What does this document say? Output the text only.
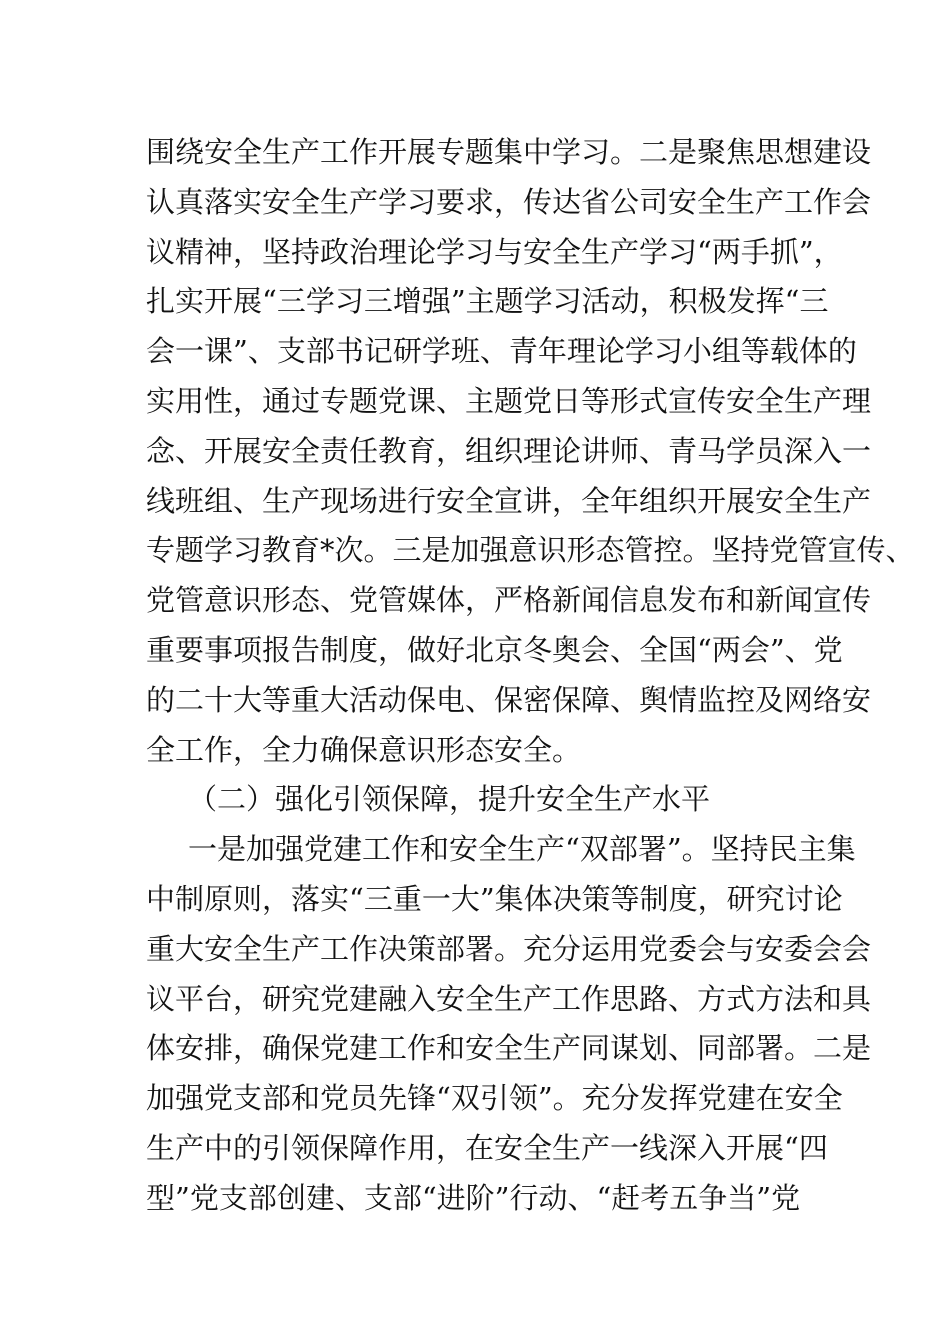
围绕安全生产工作开展专题集中学习。二是聚焦思想建设
认真落实安全生产学习要求，传达省公司安全生产工作会
议精神，坚持政治理论学习与安全生产学习“两手抓”，
扎实开展“三学习三增强”主题学习活动，积极发挥“三
会一课”、支部书记研学班、青年理论学习小组等载体的
实用性，通过专题党课、主题党日等形式宣传安全生产理
念、开展安全责任教育，组织理论讲师、青马学员深入一
线班组、生产现场进行安全宣讲，全年组织开展安全生产
专题学习教育*次。三是加强意识形态管控。坚持党管宣传、
党管意识形态、党管媒体，严格新闻信息发布和新闻宣传
重要事项报告制度，做好北京冬奥会、全国“两会”、党
的二十大等重大活动保电、保密保障、舆情监控及网络安
全工作，全力确保意识形态安全。
（二）强化引领保障，提升安全生产水平
一是加强党建工作和安全生产“双部署”。坚持民主集
中制原则，落实“三重一大”集体决策等制度，研究讨论
重大安全生产工作决策部署。充分运用党委会与安委会会
议平台，研究党建融入安全生产工作思路、方式方法和具
体安排，确保党建工作和安全生产同谋划、同部署。二是
加强党支部和党员先锋“双引领”。充分发挥党建在安全
生产中的引领保障作用，在安全生产一线深入开展“四
型”党支部创建、支部“进阶”行动、“赶考五争当”党
